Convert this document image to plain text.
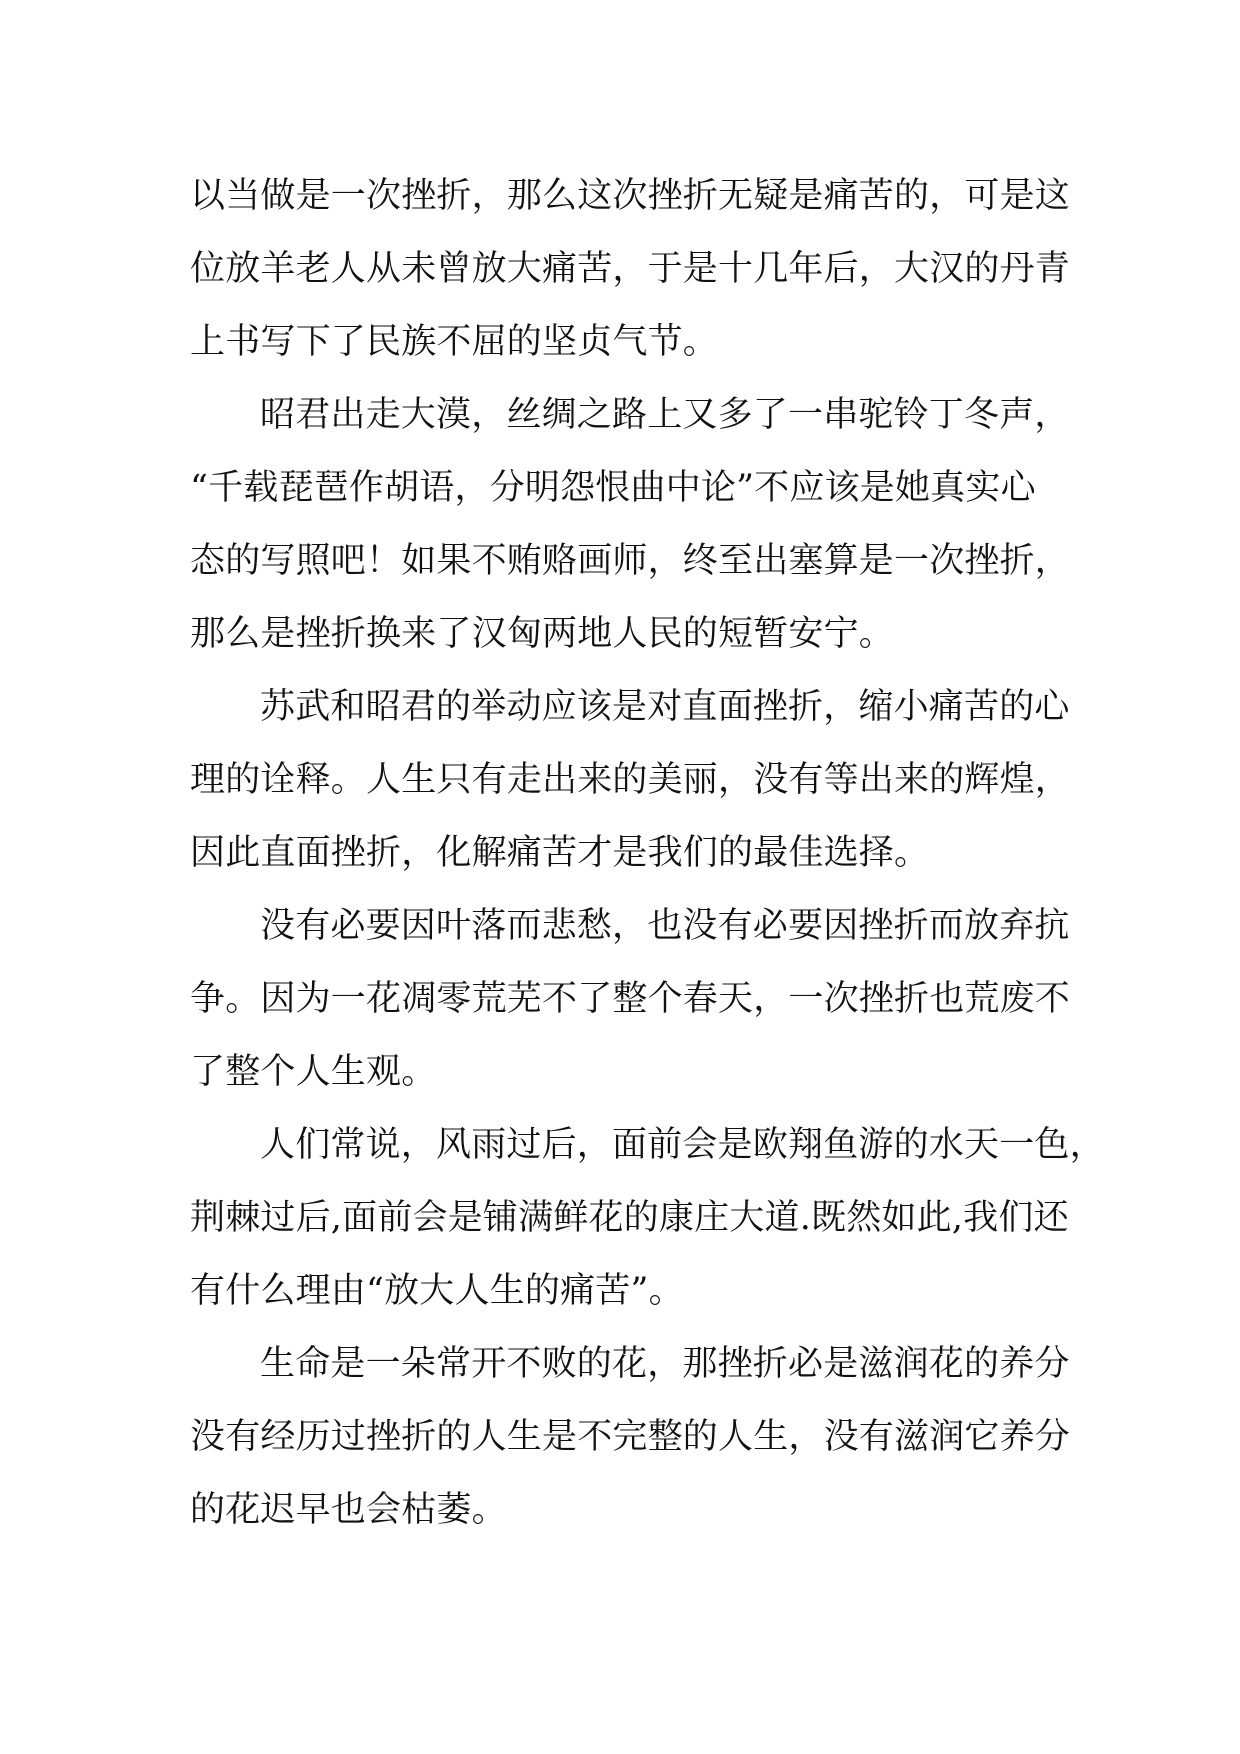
以当做是一次挫折，那么这次挫折无疑是痛苦的，可是这
位放羊老人从未曾放大痛苦，于是十几年后，大汉的丹青
上书写下了民族不屈的坚贞气节。
昭君出走大漠，丝绸之路上又多了一串驼铃丁冬声，
“千载琵琶作胡语，分明怨恨曲中论”不应该是她真实心
态的写照吧！如果不贿赂画师，终至出塞算是一次挫折，
那么是挫折换来了汉匈两地人民的短暂安宁。
苏武和昭君的举动应该是对直面挫折，缩小痛苦的心
理的诠释。人生只有走出来的美丽，没有等出来的辉煌，
因此直面挫折，化解痛苦才是我们的最佳选择。
没有必要因叶落而悲愁，也没有必要因挫折而放弃抗
争。因为一花凋零荒芜不了整个春天，一次挫折也荒废不
了整个人生观。
人们常说，风雨过后，面前会是欧翔鱼游的水天一色，
荆棘过后,面前会是铺满鲜花的康庄大道.既然如此,我们还
有什么理由“放大人生的痛苦”。
生命是一朵常开不败的花，那挫折必是滋润花的养分
没有经历过挫折的人生是不完整的人生，没有滋润它养分
的花迟早也会枯萎。
